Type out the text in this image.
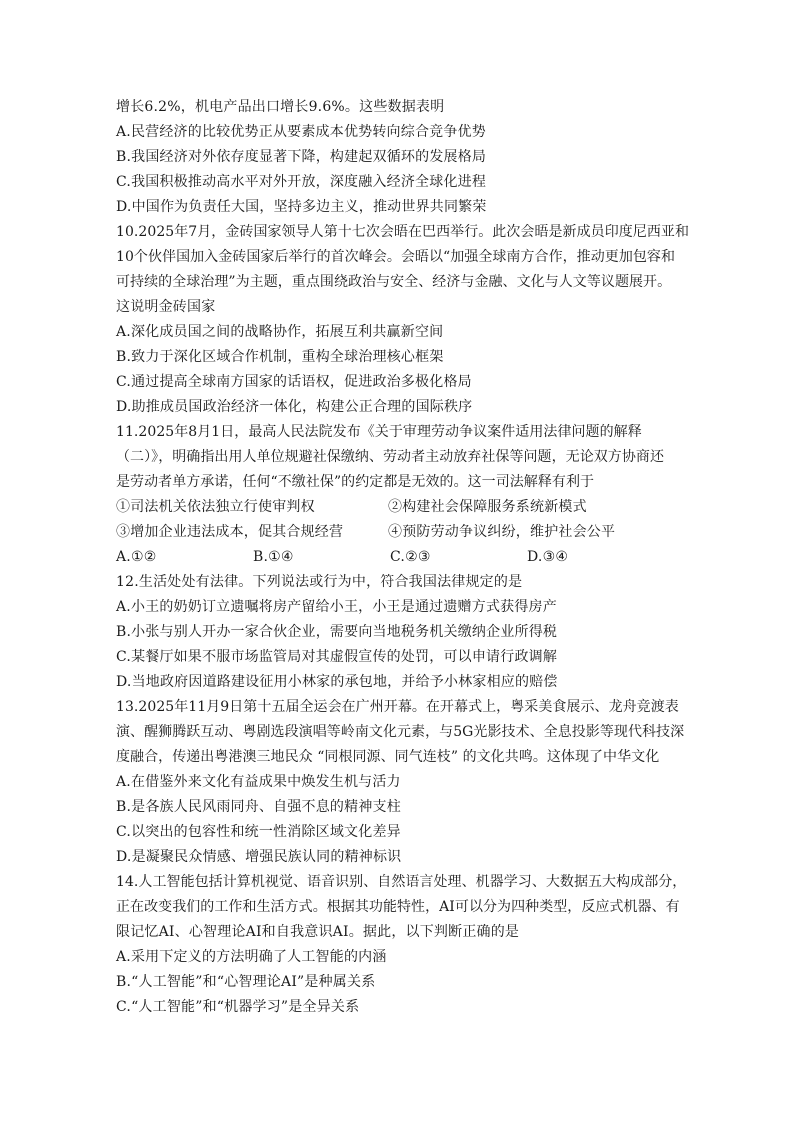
增长6.2%，机电产品出口增长9.6%。这些数据表明
A.民营经济的比较优势正从要素成本优势转向综合竞争优势
B.我国经济对外依存度显著下降，构建起双循环的发展格局
C.我国积极推动高水平对外开放，深度融入经济全球化进程
D.中国作为负责任大国，坚持多边主义，推动世界共同繁荣
10.2025年7月，金砖国家领导人第十七次会晤在巴西举行。此次会晤是新成员印度尼西亚和
10个伙伴国加入金砖国家后举行的首次峰会。会晤以“加强全球南方合作，推动更加包容和
可持续的全球治理”为主题，重点围绕政治与安全、经济与金融、文化与人文等议题展开。
这说明金砖国家
A.深化成员国之间的战略协作，拓展互利共赢新空间
B.致力于深化区域合作机制，重构全球治理核心框架
C.通过提高全球南方国家的话语权，促进政治多极化格局
D.助推成员国政治经济一体化，构建公正合理的国际秩序
11.2025年8月1日，最高人民法院发布《关于审理劳动争议案件适用法律问题的解释
（二）》，明确指出用人单位规避社保缴纳、劳动者主动放弃社保等问题，无论双方协商还
是劳动者单方承诺，任何“不缴社保”的约定都是无效的。这一司法解释有利于
①司法机关依法独立行使审判权	②构建社会保障服务系统新模式
③增加企业违法成本，促其合规经营	④预防劳动争议纠纷，维护社会公平
A.①②	B.①④	C.②③	D.③④
12.生活处处有法律。下列说法或行为中，符合我国法律规定的是
A.小王的奶奶订立遗嘱将房产留给小王，小王是通过遗赠方式获得房产
B.小张与别人开办一家合伙企业，需要向当地税务机关缴纳企业所得税
C.某餐厅如果不服市场监管局对其虚假宣传的处罚，可以申请行政调解
D.当地政府因道路建设征用小林家的承包地，并给予小林家相应的赔偿
13.2025年11月9日第十五届全运会在广州开幕。在开幕式上，粤采美食展示、龙舟竞渡表
演、醒狮腾跃互动、粤剧选段演唱等岭南文化元素，与5G光影技术、全息投影等现代科技深
度融合，传递出粤港澳三地民众 “同根同源、同气连枝” 的文化共鸣。这体现了中华文化
A.在借鉴外来文化有益成果中焕发生机与活力
B.是各族人民风雨同舟、自强不息的精神支柱
C.以突出的包容性和统一性消除区域文化差异
D.是凝聚民众情感、增强民族认同的精神标识
14.人工智能包括计算机视觉、语音识别、自然语言处理、机器学习、大数据五大构成部分，
正在改变我们的工作和生活方式。根据其功能特性，AI可以分为四种类型，反应式机器、有
限记忆AI、心智理论AI和自我意识AI。据此，以下判断正确的是
A.采用下定义的方法明确了人工智能的内涵
B.“人工智能”和“心智理论AI”是种属关系
C.“人工智能”和“机器学习”是全异关系
